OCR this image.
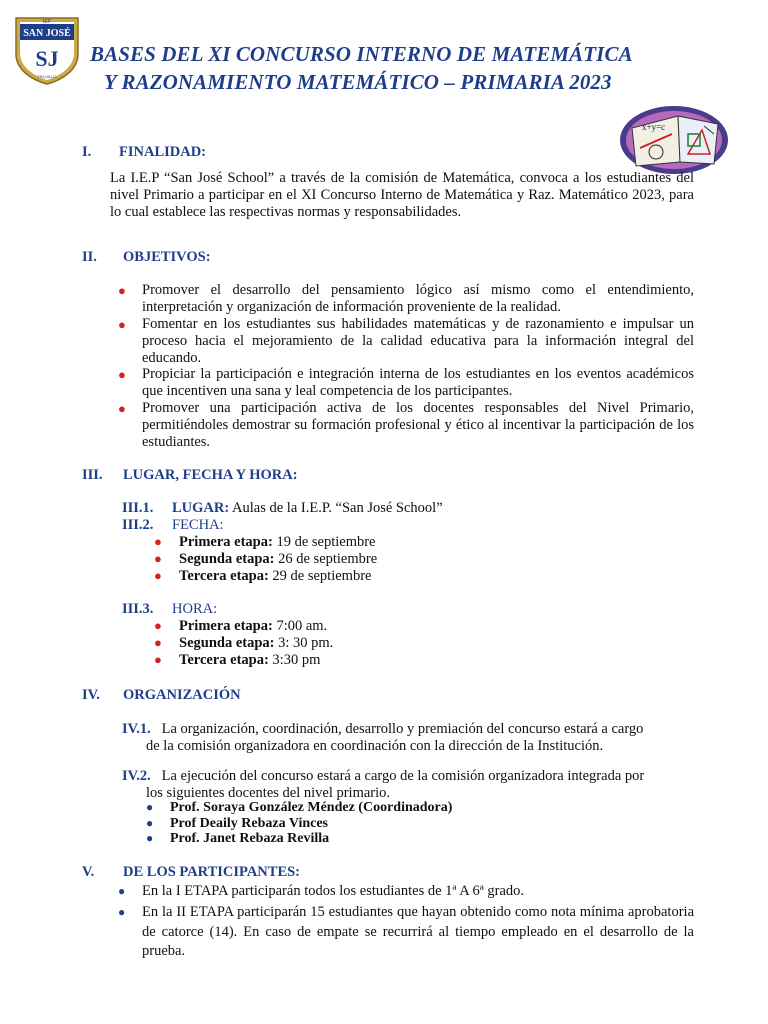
IEP
SAN JOSÉ
SJ
TRUJILLO
BASES DEL XI CONCURSO INTERNO DE MATEMÁTICA
Y RAZONAMIENTO MATEMÁTICO – PRIMARIA 2023
x+y=c
I. FINALIDAD:
La I.E.P “San José School” a través de la comisión de Matemática, convoca a los estudiantes del nivel Primario a participar en el XI Concurso Interno de Matemática y Raz. Matemático 2023, para lo cual establece las respectivas normas y responsabilidades.
II. OBJETIVOS:
● Promover el desarrollo del pensamiento lógico así mismo como el entendimiento, interpretación y organización de información proveniente de la realidad.
● Fomentar en los estudiantes sus habilidades matemáticas y de razonamiento e impulsar un proceso hacia el mejoramiento de la calidad educativa para la información integral del educando.
● Propiciar la participación e integración interna de los estudiantes en los eventos académicos que incentiven una sana y leal competencia de los participantes.
● Promover una participación activa de los docentes responsables del Nivel Primario, permitiéndoles demostrar su formación profesional y ético al incentivar la participación de los estudiantes.
III. LUGAR, FECHA Y HORA:
III.1. LUGAR: Aulas de la I.E.P. “San José School”
III.2. FECHA:
● Primera etapa: 19 de septiembre
● Segunda etapa: 26 de septiembre
● Tercera etapa: 29 de septiembre
III.3. HORA:
● Primera etapa: 7:00 am.
● Segunda etapa: 3: 30 pm.
● Tercera etapa: 3:30 pm
IV. ORGANIZACIÓN
IV.1. La organización, coordinación, desarrollo y premiación del concurso estará a cargo
de la comisión organizadora en coordinación con la dirección de la Institución.
IV.2. La ejecución del concurso estará a cargo de la comisión organizadora integrada por
los siguientes docentes del nivel primario.
● Prof. Soraya González Méndez (Coordinadora)
● Prof Deaily Rebaza Vinces
● Prof. Janet Rebaza Revilla
V. DE LOS PARTICIPANTES:
● En la I ETAPA participarán todos los estudiantes de 1ª A 6ª grado.
● En la II ETAPA participarán 15 estudiantes que hayan obtenido como nota mínima aprobatoria de catorce (14). En caso de empate se recurrirá al tiempo empleado en el desarrollo de la prueba.
